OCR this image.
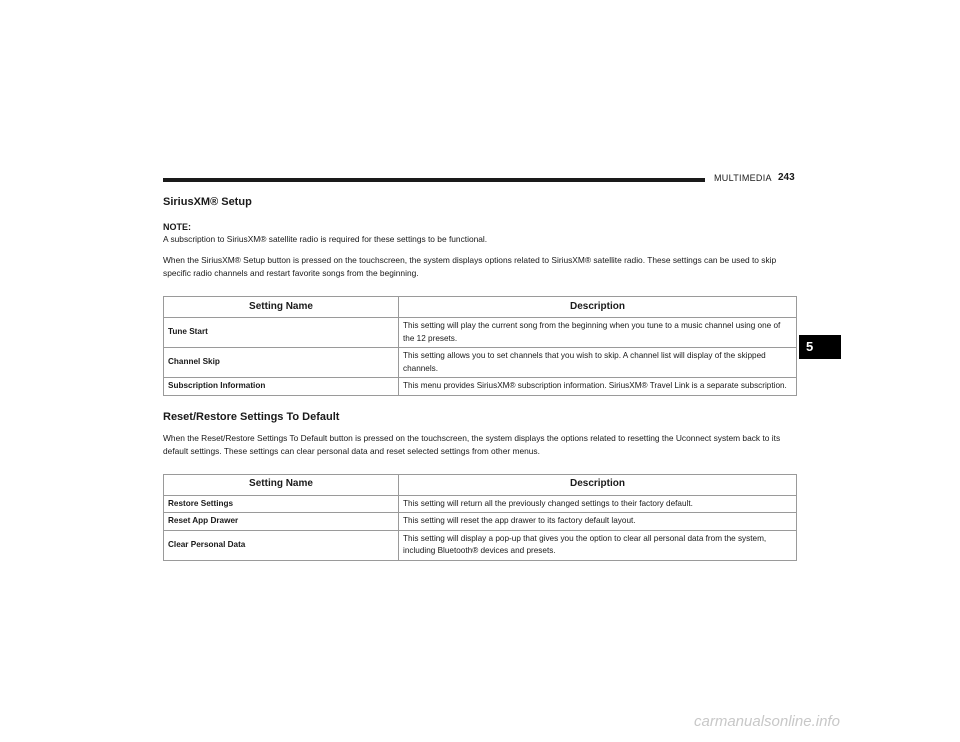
MULTIMEDIA 243
5
SiriusXM® Setup
NOTE:

A subscription to SiriusXM® satellite radio is required for these settings to be functional.

When the SiriusXM® Setup button is pressed on the touchscreen, the system displays options related to SiriusXM® satellite radio. These settings can be used to skip specific radio channels and restart favorite songs from the beginning.

Setting Name	Description
Tune Start	This setting will play the current song from the beginning when you tune to a music channel using one of the 12 presets.
Channel Skip	This setting allows you to set channels that you wish to skip. A channel list will display of the skipped channels.
Subscription Information	This menu provides SiriusXM® subscription information. SiriusXM® Travel Link is a separate subscription.
Reset/Restore Settings To Default

When the Reset/Restore Settings To Default button is pressed on the touchscreen, the system displays the options related to resetting the Uconnect system back to its default settings. These settings can clear personal data and reset selected settings from other menus.

Setting Name	Description
Restore Settings	This setting will return all the previously changed settings to their factory default.
Reset App Drawer	This setting will reset the app drawer to its factory default layout.
Clear Personal Data	This setting will display a pop-up that gives you the option to clear all personal data from the system, including Bluetooth® devices and presets.
carmanualsonline.info
